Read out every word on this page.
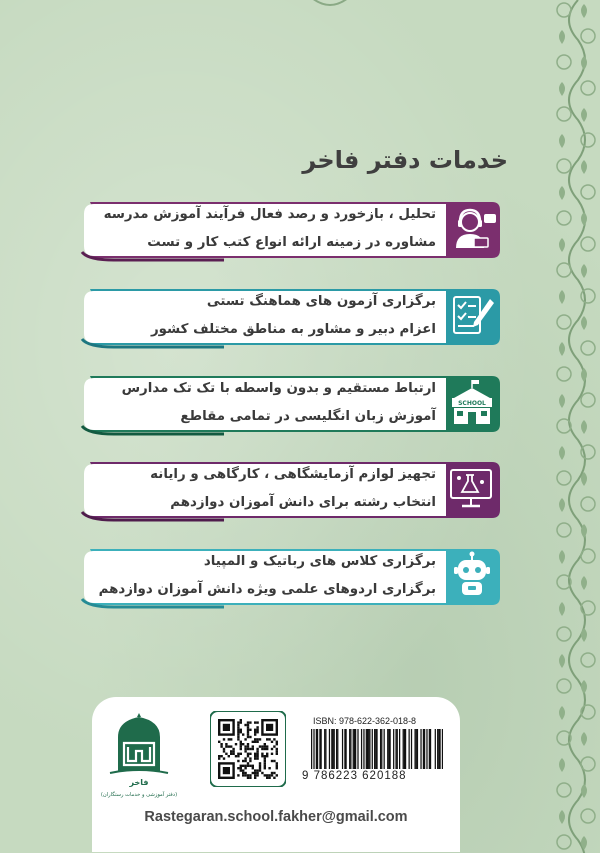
خدمات دفتر فاخر

تحلیل ، بازخورد و رصد فعال فرآیند آموزش مدرسه
مشاوره در زمینه ارائه انواع کتب کار و تست

برگزاری آزمون های هماهنگ تستی
اعزام دبیر و مشاور به مناطق مختلف کشور

ارتباط مستقیم و بدون واسطه با تک تک مدارس
آموزش زبان انگلیسی در تمامی مقاطع

SCHOOL

تجهیز لوازم آزمایشگاهی ، کارگاهی و رایانه
انتخاب رشته برای دانش آموزان دوازدهم

برگزاری کلاس های رباتیک و المپیاد
برگزاری اردوهای علمی ویژه دانش آموزان دوازدهم

فاخر
(دفتر آموزشی و خدمات رستگاران)
ISBN: 978-622-362-018-8
9 786223 620188

Rastegaran.school.fakher@gmail.com
